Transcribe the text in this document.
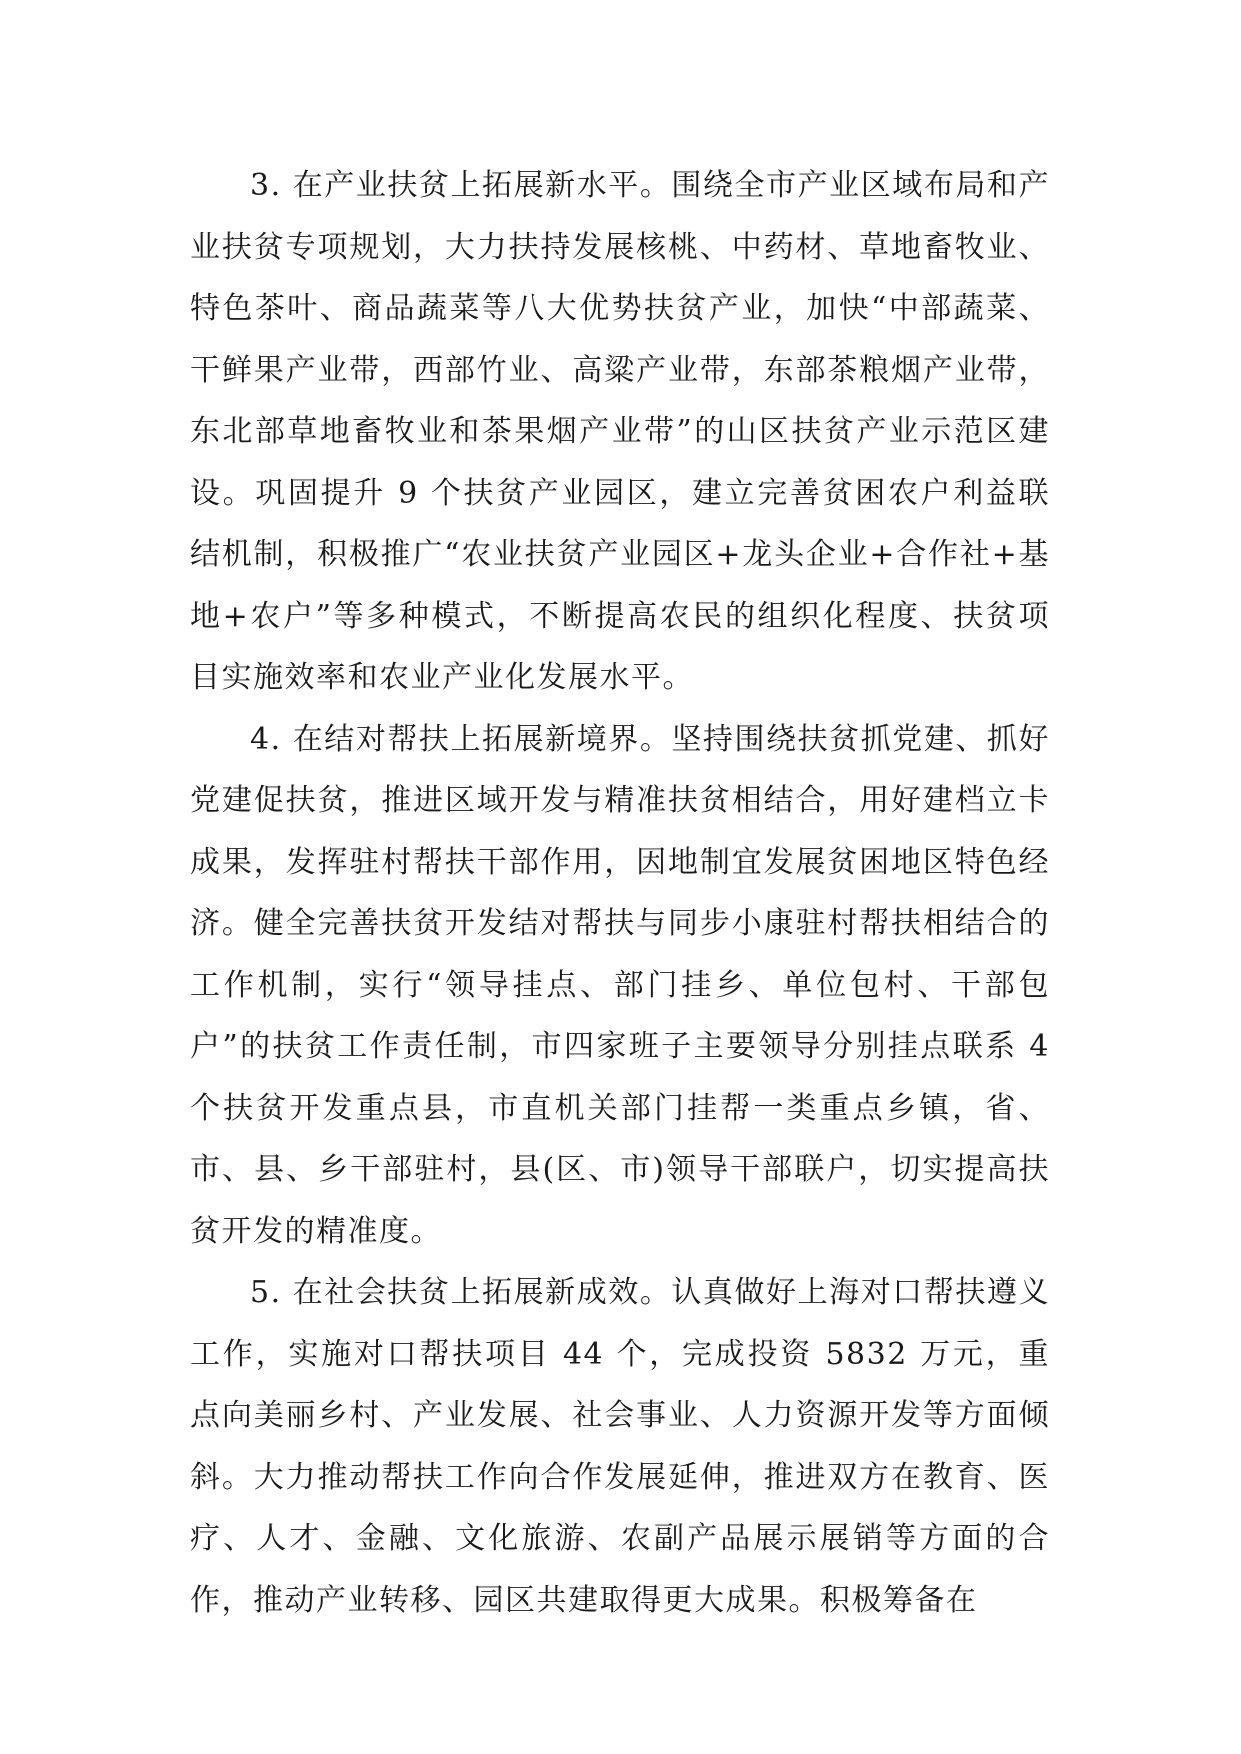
3. 在产业扶贫上拓展新水平。围绕全市产业区域布局和产业扶贫专项规划，大力扶持发展核桃、中药材、草地畜牧业、特色茶叶、商品蔬菜等八大优势扶贫产业，加快“中部蔬菜、干鲜果产业带，西部竹业、高粱产业带，东部茶粮烟产业带，东北部草地畜牧业和茶果烟产业带”的山区扶贫产业示范区建设。巩固提升 9 个扶贫产业园区，建立完善贫困农户利益联结机制，积极推广“农业扶贫产业园区+龙头企业+合作社+基地+农户”等多种模式，不断提高农民的组织化程度、扶贫项目实施效率和农业产业化发展水平。

4. 在结对帮扶上拓展新境界。坚持围绕扶贫抓党建、抓好党建促扶贫，推进区域开发与精准扶贫相结合，用好建档立卡成果，发挥驻村帮扶干部作用，因地制宜发展贫困地区特色经济。健全完善扶贫开发结对帮扶与同步小康驻村帮扶相结合的工作机制，实行“领导挂点、部门挂乡、单位包村、干部包户”的扶贫工作责任制，市四家班子主要领导分别挂点联系 4 个扶贫开发重点县，市直机关部门挂帮一类重点乡镇，省、市、县、乡干部驻村，县(区、市)领导干部联户，切实提高扶贫开发的精准度。

5. 在社会扶贫上拓展新成效。认真做好上海对口帮扶遵义工作，实施对口帮扶项目 44 个，完成投资 5832 万元，重点向美丽乡村、产业发展、社会事业、人力资源开发等方面倾斜。大力推动帮扶工作向合作发展延伸，推进双方在教育、医疗、人才、金融、文化旅游、农副产品展示展销等方面的合作，推动产业转移、园区共建取得更大成果。积极筹备在
